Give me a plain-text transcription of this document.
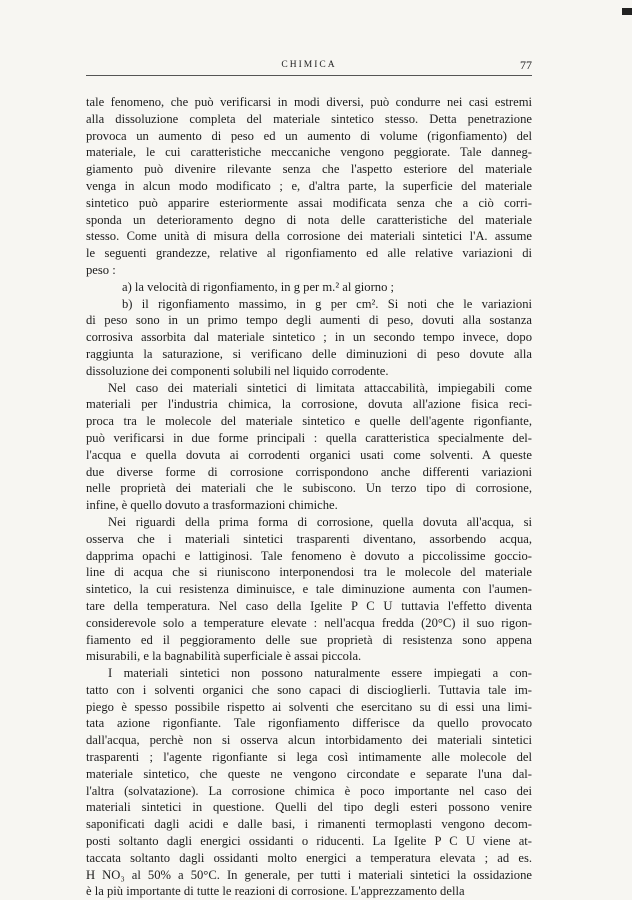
CHIMICA	77

tale fenomeno, che può verificarsi in modi diversi, può condurre nei casi estremi
alla dissoluzione completa del materiale sintetico stesso. Detta penetrazione
provoca un aumento di peso ed un aumento di volume (rigonfiamento) del
materiale, le cui caratteristiche meccaniche vengono peggiorate. Tale danneg-
giamento può divenire rilevante senza che l'aspetto esteriore del materiale
venga in alcun modo modificato ; e, d'altra parte, la superficie del materiale
sintetico può apparire esteriormente assai modificata senza che a ciò corri-
sponda un deterioramento degno di nota delle caratteristiche del materiale
stesso. Come unità di misura della corrosione dei materiali sintetici l'A. assume
le seguenti grandezze, relative al rigonfiamento ed alle relative variazioni di
peso :

a) la velocità di rigonfiamento, in g per m.² al giorno ;

b) il rigonfiamento massimo, in g per cm². Si noti che le variazioni
di peso sono in un primo tempo degli aumenti di peso, dovuti alla sostanza
corrosiva assorbita dal materiale sintetico ; in un secondo tempo invece, dopo
raggiunta la saturazione, si verificano delle diminuzioni di peso dovute alla
dissoluzione dei componenti solubili nel liquido corrodente.

Nel caso dei materiali sintetici di limitata attaccabilità, impiegabili come
materiali per l'industria chimica, la corrosione, dovuta all'azione fisica reci-
proca tra le molecole del materiale sintetico e quelle dell'agente rigonfiante,
può verificarsi in due forme principali : quella caratteristica specialmente del-
l'acqua e quella dovuta ai corrodenti organici usati come solventi. A queste
due diverse forme di corrosione corrispondono anche differenti variazioni
nelle proprietà dei materiali che le subiscono. Un terzo tipo di corrosione,
infine, è quello dovuto a trasformazioni chimiche.

Nei riguardi della prima forma di corrosione, quella dovuta all'acqua, si
osserva che i materiali sintetici trasparenti diventano, assorbendo acqua,
dapprima opachi e lattiginosi. Tale fenomeno è dovuto a piccolissime goccio-
line di acqua che si riuniscono interponendosi tra le molecole del materiale
sintetico, la cui resistenza diminuisce, e tale diminuzione aumenta con l'aumen-
tare della temperatura. Nel caso della Igelite P C U tuttavia l'effetto diventa
considerevole solo a temperature elevate : nell'acqua fredda (20°C) il suo rigon-
fiamento ed il peggioramento delle sue proprietà di resistenza sono appena
misurabili, e la bagnabilità superficiale è assai piccola.

I materiali sintetici non possono naturalmente essere impiegati a con-
tatto con i solventi organici che sono capaci di discioglierli. Tuttavia tale im-
piego è spesso possibile rispetto ai solventi che esercitano su di essi una limi-
tata azione rigonfiante. Tale rigonfiamento differisce da quello provocato
dall'acqua, perchè non si osserva alcun intorbidamento dei materiali sintetici
trasparenti ; l'agente rigonfiante si lega così intimamente alle molecole del
materiale sintetico, che queste ne vengono circondate e separate l'una dal-
l'altra (solvatazione). La corrosione chimica è poco importante nel caso dei
materiali sintetici in questione. Quelli del tipo degli esteri possono venire
saponificati dagli acidi e dalle basi, i rimanenti termoplasti vengono decom-
posti soltanto dagli energici ossidanti o riducenti. La Igelite P C U viene at-
taccata soltanto dagli ossidanti molto energici a temperatura elevata ; ad es.
H NO₃ al 50% a 50°C. In generale, per tutti i materiali sintetici la ossidazione
è la più importante di tutte le reazioni di corrosione. L'apprezzamento della
